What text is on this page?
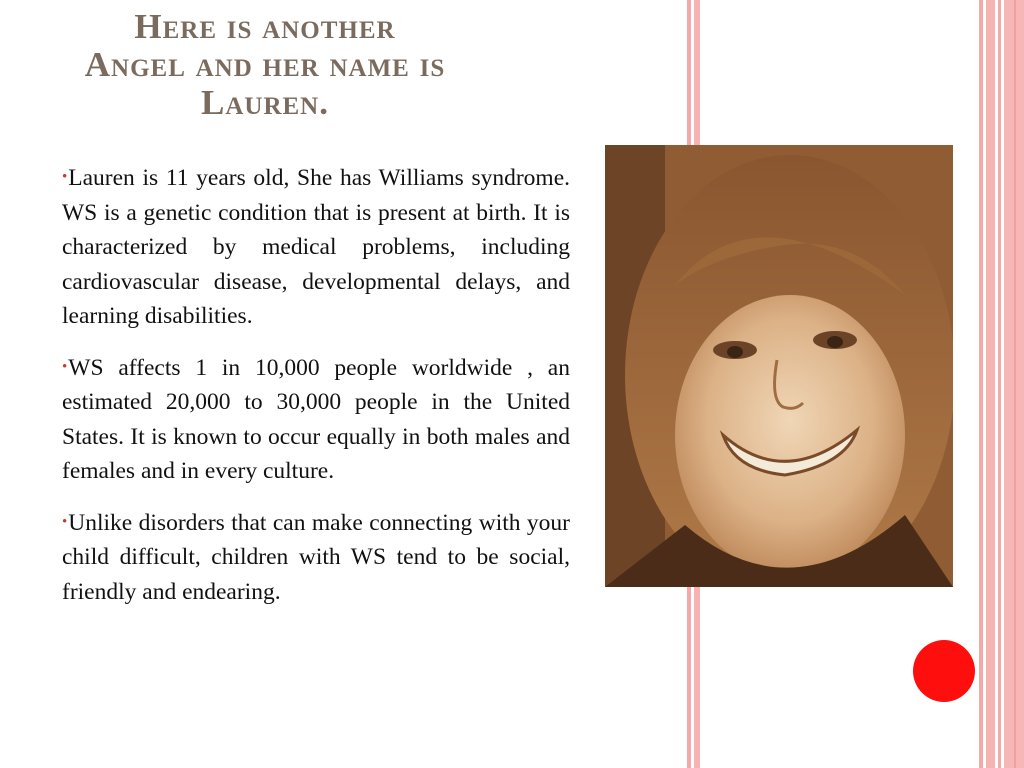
Here is another
Angel and her name is
Lauren.

•Lauren is 11 years old, She has Williams syndrome. WS is a genetic condition that is present at birth. It is characterized by medical problems, including cardiovascular disease, developmental delays, and learning disabilities.

•WS affects 1 in 10,000 people worldwide , an estimated 20,000 to 30,000 people in the United States. It is known to occur equally in both males and females and in every culture.

•Unlike disorders that can make connecting with your child difficult, children with WS tend to be social, friendly and endearing.
